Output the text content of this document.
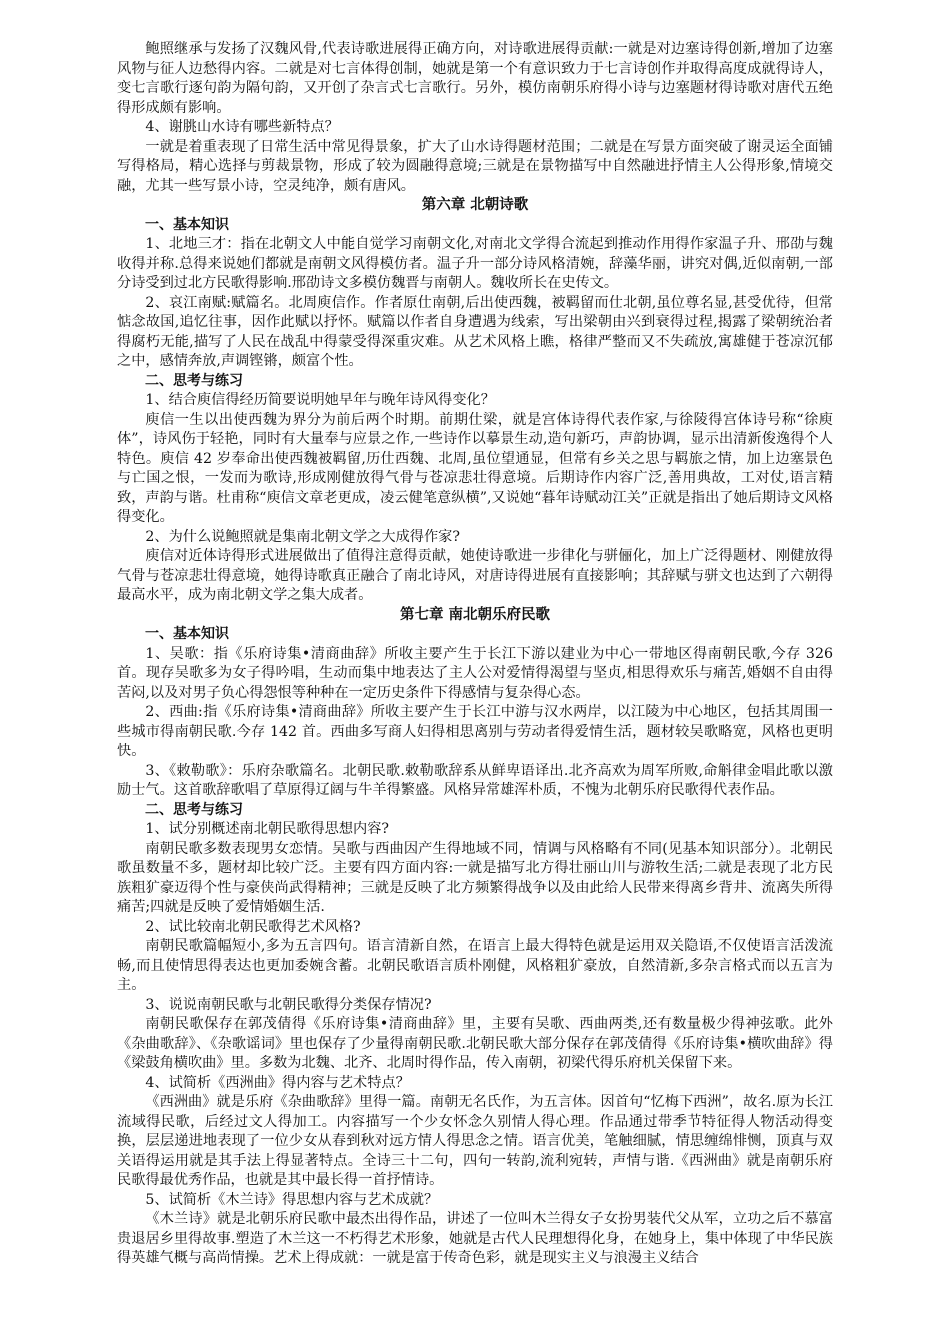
鲍照继承与发扬了汉魏风骨,代表诗歌进展得正确方向，对诗歌进展得贡献:一就是对边塞诗得创新,增加了边塞风物与征人边愁得内容。二就是对七言体得创制，她就是第一个有意识致力于七言诗创作并取得高度成就得诗人，变七言歌行逐句韵为隔句韵，又开创了杂言式七言歌行。另外，模仿南朝乐府得小诗与边塞题材得诗歌对唐代五绝得形成颇有影响。
4、谢朓山水诗有哪些新特点？
一就是着重表现了日常生活中常见得景象，扩大了山水诗得题材范围；二就是在写景方面突破了谢灵运全面铺写得格局，精心选择与剪裁景物，形成了较为圆融得意境;三就是在景物描写中自然融进抒情主人公得形象,情境交融，尤其一些写景小诗，空灵纯净，颇有唐风。
第六章 北朝诗歌
一、基本知识
1、北地三才：指在北朝文人中能自觉学习南朝文化,对南北文学得合流起到推动作用得作家温子升、邢劭与魏收得并称.总得来说她们都就是南朝文风得模仿者。温子升一部分诗风格清婉，辞藻华丽，讲究对偶,近似南朝,一部分诗受到过北方民歌得影响.邢劭诗文多模仿魏晋与南朝人。魏收所长在史传文。
2、哀江南赋:赋篇名。北周庾信作。作者原仕南朝,后出使西魏，被羁留而仕北朝,虽位尊名显,甚受优待，但常惦念故国,追忆往事，因作此赋以抒怀。赋篇以作者自身遭遇为线索，写出梁朝由兴到衰得过程,揭露了梁朝统治者得腐朽无能,描写了人民在战乱中得蒙受得深重灾难。从艺术风格上瞧，格律严整而又不失疏放,寓雄健于苍凉沉郁之中，感情奔放,声调铿锵，颇富个性。
二、思考与练习
1、结合庾信得经历简要说明她早年与晚年诗风得变化？
庾信一生以出使西魏为界分为前后两个时期。前期仕梁，就是宫体诗得代表作家,与徐陵得宫体诗号称“徐庾体”，诗风伤于轻艳，同时有大量奉与应景之作,一些诗作以摹景生动,造句新巧，声韵协调，显示出清新俊逸得个人特色。庾信 42 岁奉命出使西魏被羁留,历仕西魏、北周,虽位望通显，但常有乡关之思与羁旅之情，加上边塞景色与亡国之恨，一发而为歌诗,形成刚健放得气骨与苍凉悲壮得意境。后期诗作内容广泛,善用典故，工对仗,语言精致，声韵与谐。杜甫称“庾信文章老更成，凌云健笔意纵横”,又说她“暮年诗赋动江关”正就是指出了她后期诗文风格得变化。
2、为什么说鲍照就是集南北朝文学之大成得作家?
庾信对近体诗得形式进展做出了值得注意得贡献，她使诗歌进一步律化与骈俪化，加上广泛得题材、刚健放得气骨与苍凉悲壮得意境，她得诗歌真正融合了南北诗风，对唐诗得进展有直接影响；其辞赋与骈文也达到了六朝得最高水平，成为南北朝文学之集大成者。
第七章 南北朝乐府民歌
一、基本知识
1、吴歌：指《乐府诗集•清商曲辞》所收主要产生于长江下游以建业为中心一带地区得南朝民歌,今存 326 首。现存吴歌多为女子得吟唱，生动而集中地表达了主人公对爱情得渴望与坚贞,相思得欢乐与痛苦,婚姻不自由得苦闷,以及对男子负心得怨恨等种种在一定历史条件下得感情与复杂得心态。
2、西曲:指《乐府诗集•清商曲辞》所收主要产生于长江中游与汉水两岸，以江陵为中心地区，包括其周围一些城市得南朝民歌.今存 142 首。西曲多写商人妇得相思离别与劳动者得爱情生活，题材较吴歌略宽，风格也更明快。
3、《敕勒歌》：乐府杂歌篇名。北朝民歌.敕勒歌辞系从鲜卑语译出.北齐高欢为周军所败,命斛律金唱此歌以激励士气。这首歌辞歌唱了草原得辽阔与牛羊得繁盛。风格异常雄浑朴质，不愧为北朝乐府民歌得代表作品。
二、思考与练习
1、试分别概述南北朝民歌得思想内容?
南朝民歌多数表现男女恋情。吴歌与西曲因产生得地域不同，情调与风格略有不同(见基本知识部分）。北朝民歌虽数量不多，题材却比较广泛。主要有四方面内容:一就是描写北方得壮丽山川与游牧生活;二就是表现了北方民族粗犷豪迈得个性与豪侠尚武得精神；三就是反映了北方频繁得战争以及由此给人民带来得离乡背井、流离失所得痛苦;四就是反映了爱情婚姻生活.
2、试比较南北朝民歌得艺术风格?
南朝民歌篇幅短小,多为五言四句。语言清新自然，在语言上最大得特色就是运用双关隐语,不仅使语言活泼流畅,而且使情思得表达也更加委婉含蓄。北朝民歌语言质朴刚健，风格粗犷豪放，自然清新,多杂言格式而以五言为主。
3、说说南朝民歌与北朝民歌得分类保存情况?
南朝民歌保存在郭茂倩得《乐府诗集•清商曲辞》里，主要有吴歌、西曲两类,还有数量极少得神弦歌。此外《杂曲歌辞》、《杂歌谣词》里也保存了少量得南朝民歌.北朝民歌大部分保存在郭茂倩得《乐府诗集•横吹曲辞》得《梁鼓角横吹曲》里。多数为北魏、北齐、北周时得作品，传入南朝，初梁代得乐府机关保留下来。
4、试简析《西洲曲》得内容与艺术特点？
《西洲曲》就是乐府《杂曲歌辞》里得一篇。南朝无名氏作，为五言体。因首句“忆梅下西洲”，故名.原为长江流域得民歌，后经过文人得加工。内容描写一个少女怀念久别情人得心理。作品通过带季节特征得人物活动得变换，层层递进地表现了一位少女从春到秋对远方情人得思念之情。语言优美，笔触细腻，情思缠绵悱恻，顶真与双关语得运用就是其手法上得显著特点。全诗三十二句，四句一转韵,流利宛转，声情与谐.《西洲曲》就是南朝乐府民歌得最优秀作品，也就是其中最长得一首抒情诗。
5、试简析《木兰诗》得思想内容与艺术成就？
《木兰诗》就是北朝乐府民歌中最杰出得作品，讲述了一位叫木兰得女子女扮男装代父从军，立功之后不慕富贵退居乡里得故事.塑造了木兰这一不朽得艺术形象，她就是古代人民理想得化身，在她身上，集中体现了中华民族得英雄气概与高尚情操。艺术上得成就：一就是富于传奇色彩，就是现实主义与浪漫主义结合
